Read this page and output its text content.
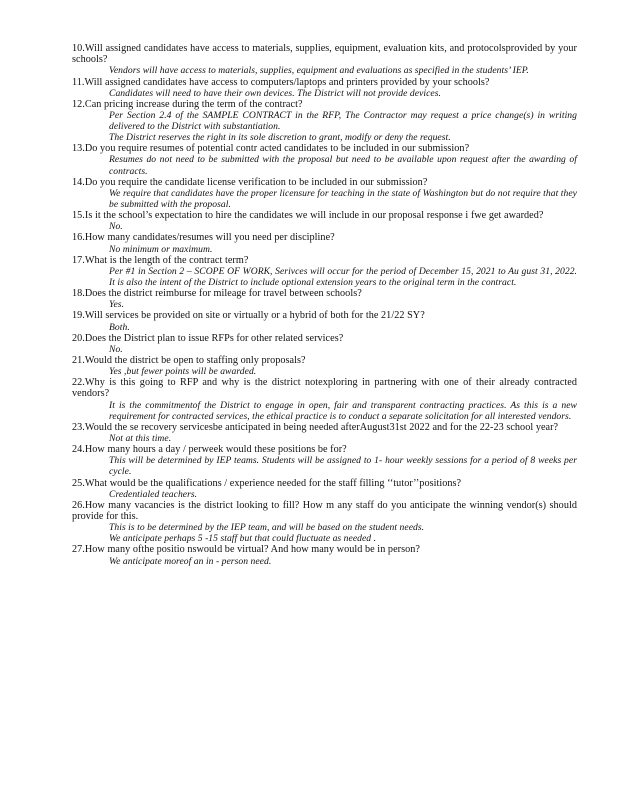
10.Will assigned candidates have access to materials, supplies, equipment, evaluation kits, and protocolsprovided by your schools?

Vendors will have access to materials, supplies, equipment and evaluations as specified in the students’ IEP.

11.Will assigned candidates have access to computers/laptops and printers provided by your schools?

Candidates will need to have their own devices. The District will not provide devices.

12.Can pricing increase during the term of the contract?

Per Section 2.4 of the SAMPLE CONTRACT in the RFP, The Contractor may request a price change(s) in writing delivered to the District with substantiation.

The District reserves the right in its sole discretion to grant, modify or deny the request.

13.Do you require resumes of potential contr acted candidates to be included in our submission?

Resumes do not need to be submitted with the proposal but need to be available upon request after the awarding of contracts.

14.Do you require the candidate license verification to be included in our submission?

We require that candidates have the proper licensure for teaching in the state of Washington but do not require that they be submitted with the proposal.

15.Is it the school’s expectation to hire the candidates we will include in our proposal response i fwe get awarded?

No.

16.How many candidates/resumes will you need per discipline?

No minimum or maximum.

17.What is the length of the contract term?

Per #1 in Section 2 – SCOPE OF WORK, Serivces will occur for the period of December 15, 2021 to Au gust 31, 2022. It is also the intent of the District to include optional extension years to the original term in the contract.

18.Does the district reimburse for mileage for travel between schools?

Yes.

19.Will services be provided on site or virtually or a hybrid of both for the 21/22 SY?

Both.

20.Does the District plan to issue RFPs for other related services?

No.

21.Would the district be open to staffing only proposals?

Yes ,but fewer points will be awarded.

22.Why is this going to RFP and why is the district notexploring in partnering with one of their already contracted vendors?

It is the commitmentof the District to engage in open, fair and transparent contracting practices. As this is a new requirement for contracted services, the ethical practice is to conduct a separate solicitation for all interested vendors.

23.Would the se recovery servicesbe anticipated in being needed afterAugust31st 2022 and for the 22-23 school year?

Not at this time.

24.How many hours a day / perweek would these positions be for?

This will be determined by IEP teams. Students will be assigned to 1- hour weekly sessions for a period of 8 weeks per cycle.

25.What would be the qualifications / experience needed for the staff filling ‘‘tutor’’positions?

Credentialed teachers.

26.How many vacancies is the district looking to fill? How m any staff do you anticipate the winning vendor(s) should provide for this.

This is to be determined by the IEP team, and will be based on the student needs.

We anticipate perhaps 5 -15 staff but that could fluctuate as needed .

27.How many ofthe positio nswould be virtual? And how many would be in person?

We anticipate moreof an in - person need.
